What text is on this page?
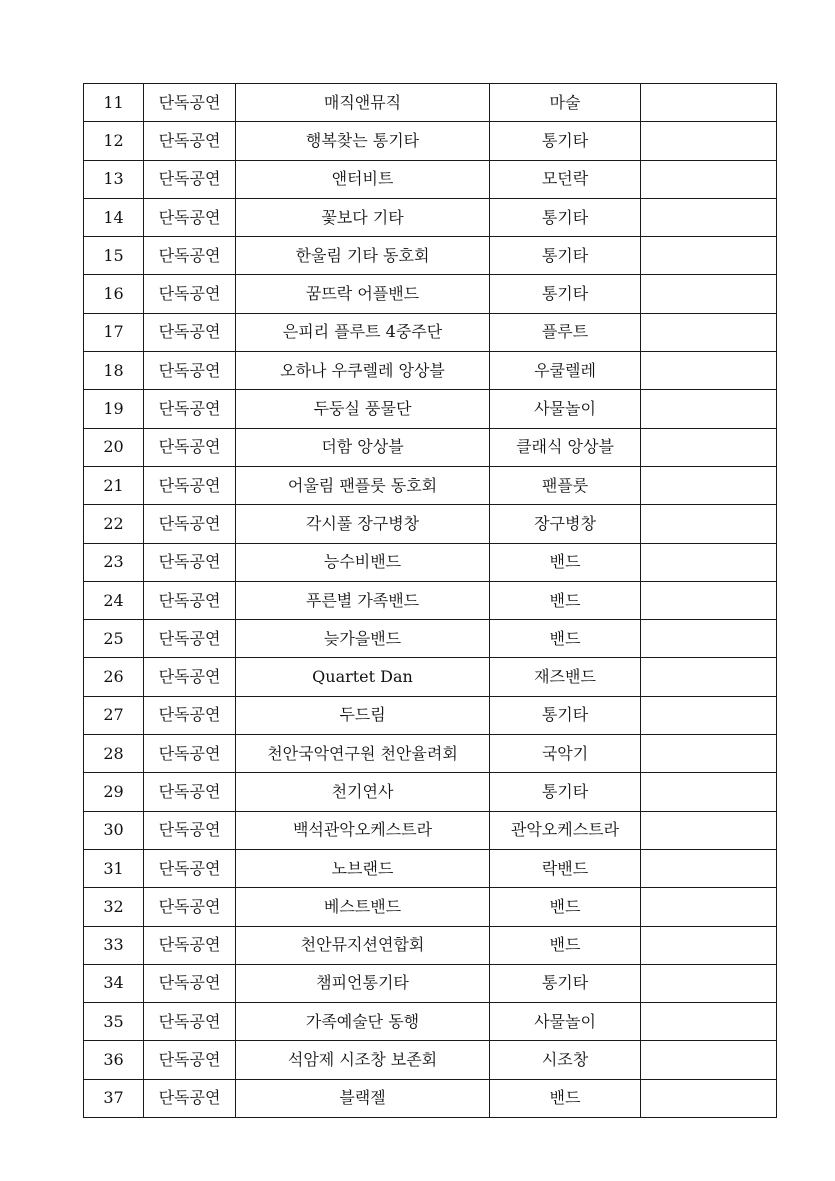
11	단독공연	매직앤뮤직	마술	
12	단독공연	행복찾는 통기타	통기타	
13	단독공연	앤터비트	모던락	
14	단독공연	꽃보다 기타	통기타	
15	단독공연	한울림 기타 동호회	통기타	
16	단독공연	꿈뜨락 어플밴드	통기타	
17	단독공연	은피리 플루트 4중주단	플루트	
18	단독공연	오하나 우쿠렐레 앙상블	우쿨렐레	
19	단독공연	두둥실 풍물단	사물놀이	
20	단독공연	더함 앙상블	클래식 앙상블	
21	단독공연	어울림 팬플룻 동호회	팬플룻	
22	단독공연	각시풀 장구병창	장구병창	
23	단독공연	능수비밴드	밴드	
24	단독공연	푸른별 가족밴드	밴드	
25	단독공연	늦가을밴드	밴드	
26	단독공연	Quartet Dan	재즈밴드	
27	단독공연	두드림	통기타	
28	단독공연	천안국악연구원 천안율려회	국악기	
29	단독공연	천기연사	통기타	
30	단독공연	백석관악오케스트라	관악오케스트라	
31	단독공연	노브랜드	락밴드	
32	단독공연	베스트밴드	밴드	
33	단독공연	천안뮤지션연합회	밴드	
34	단독공연	챔피언통기타	통기타	
35	단독공연	가족예술단 동행	사물놀이	
36	단독공연	석암제 시조창 보존회	시조창	
37	단독공연	블랙젤	밴드	
